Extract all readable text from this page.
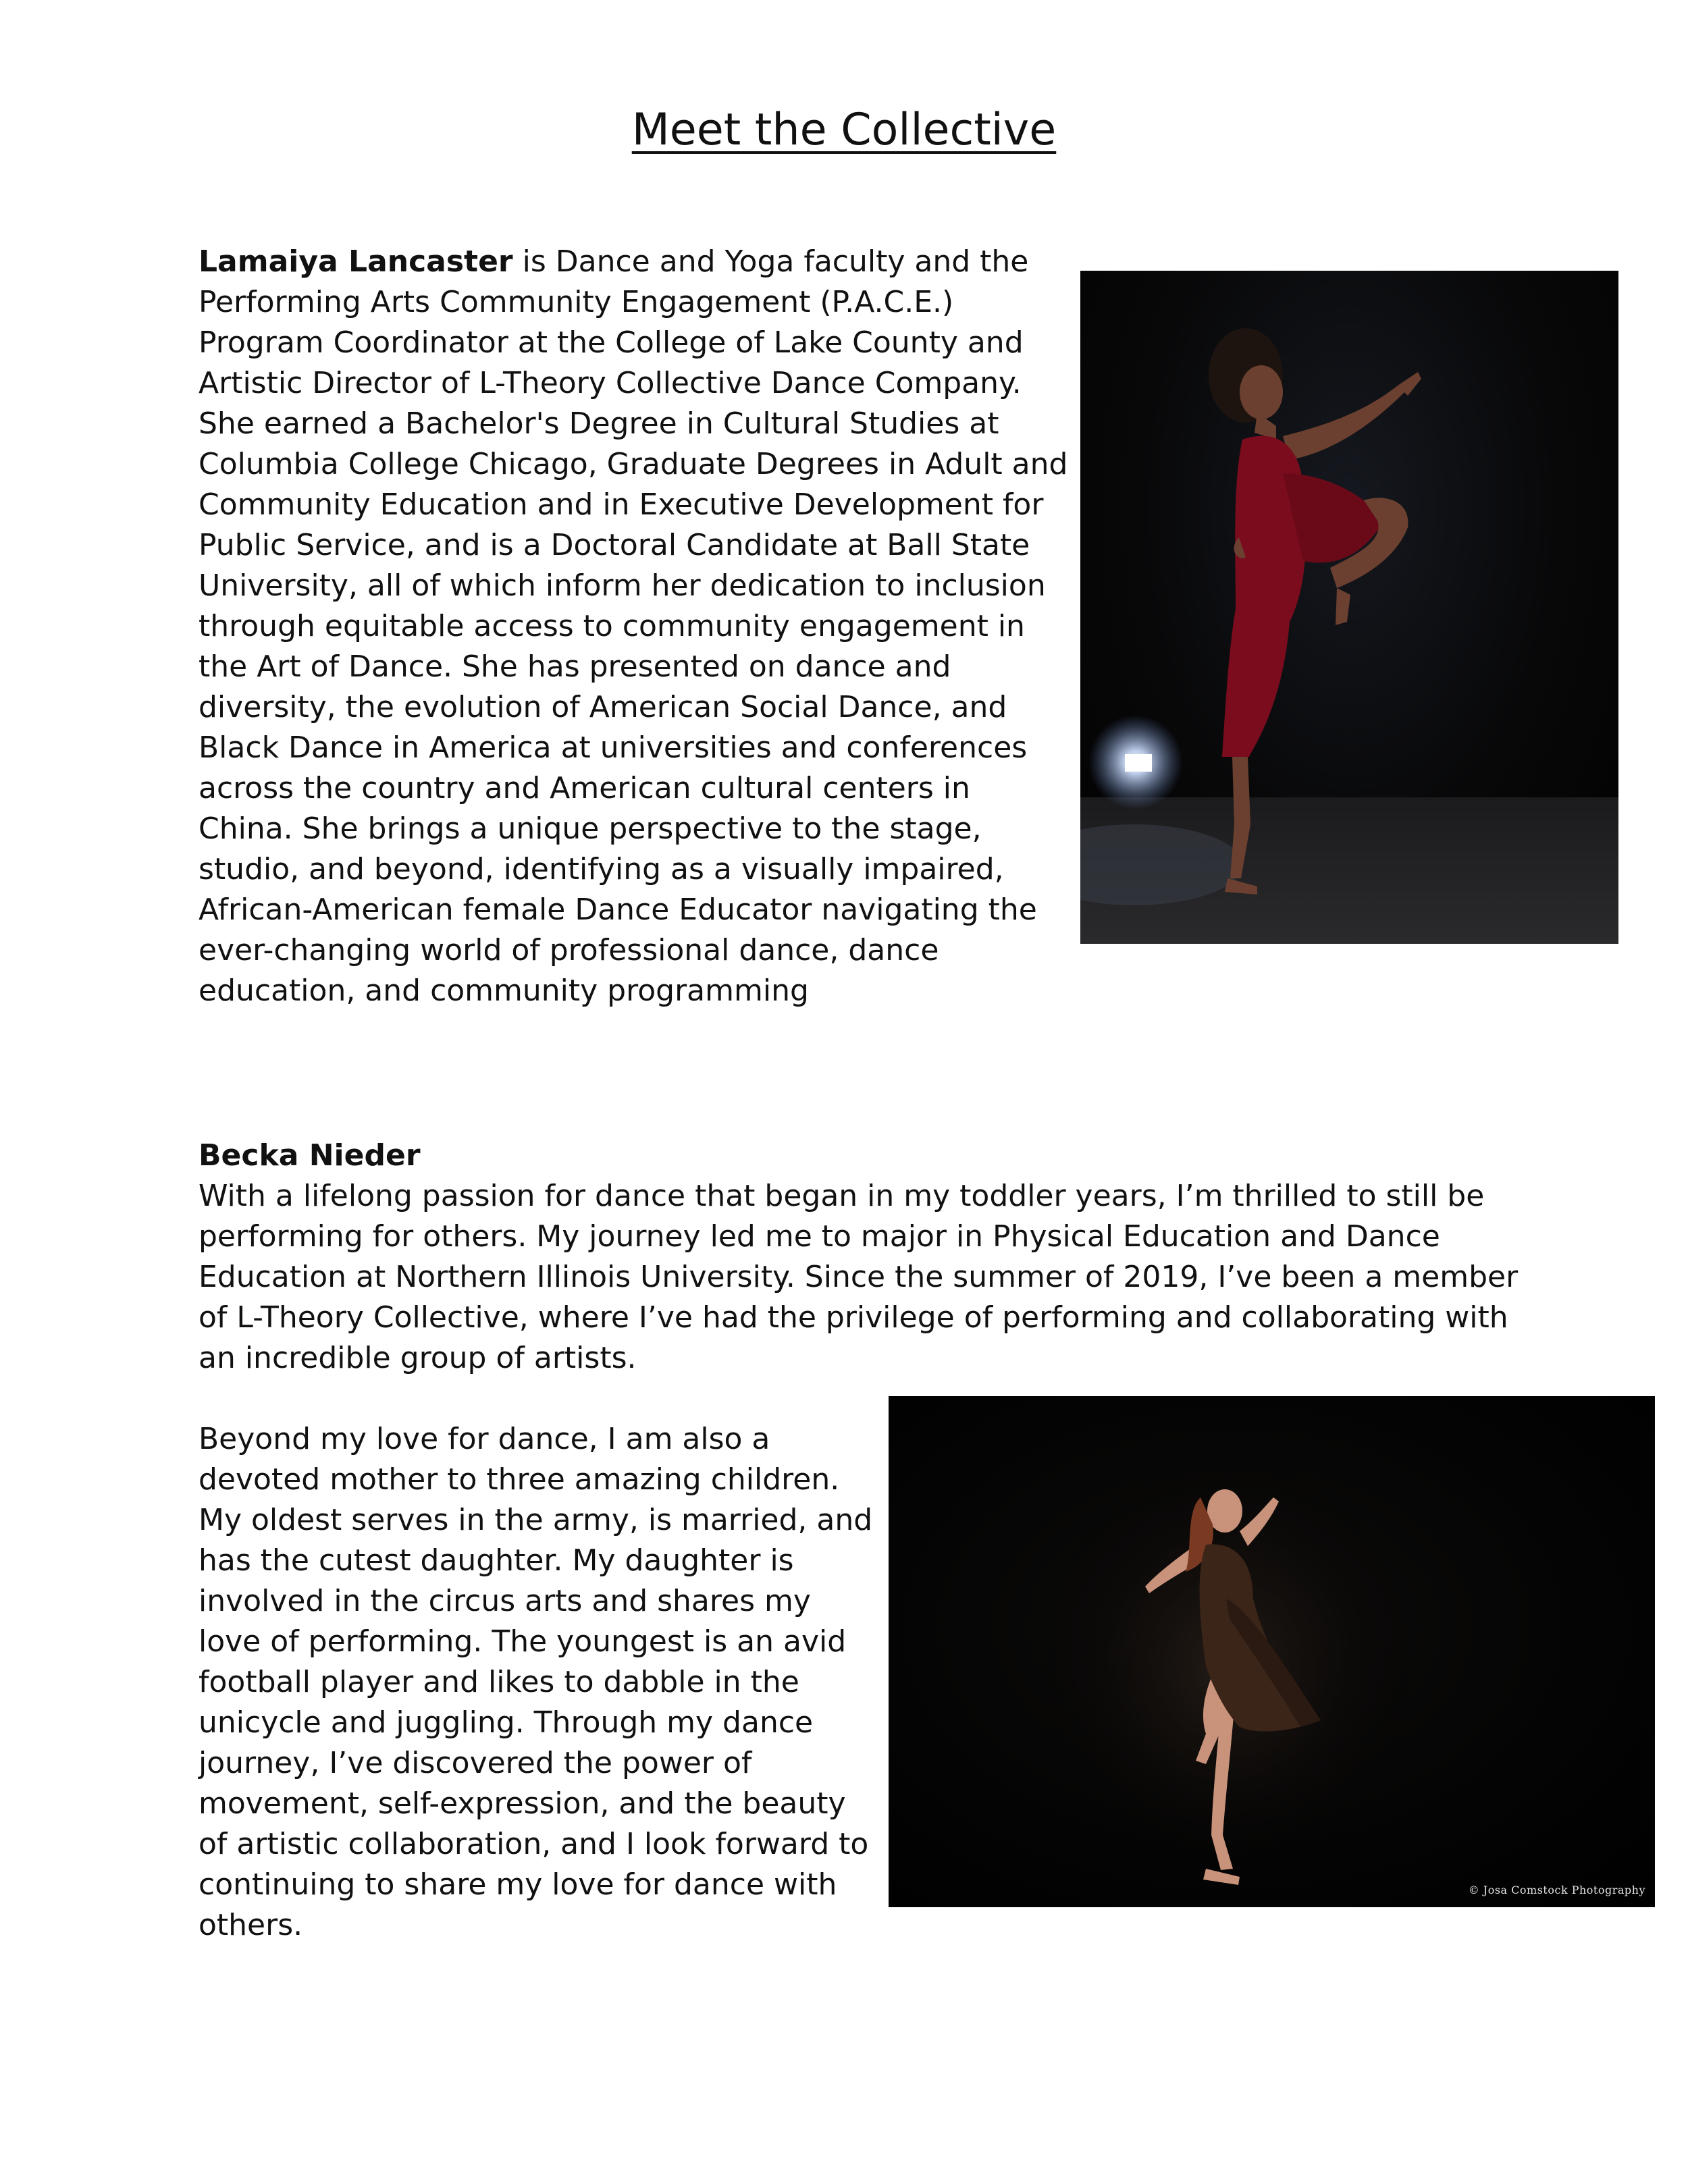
Meet the Collective

Lamaiya Lancaster is Dance and Yoga faculty and the Performing Arts Community Engagement (P.A.C.E.) Program Coordinator at the College of Lake County and Artistic Director of L-Theory Collective Dance Company. She earned a Bachelor's Degree in Cultural Studies at Columbia College Chicago, Graduate Degrees in Adult and Community Education and in Executive Development for Public Service, and is a Doctoral Candidate at Ball State University, all of which inform her dedication to inclusion through equitable access to community engagement in the Art of Dance. She has presented on dance and diversity, the evolution of American Social Dance, and Black Dance in America at universities and conferences across the country and American cultural centers in China. She brings a unique perspective to the stage, studio, and beyond, identifying as a visually impaired, African-American female Dance Educator navigating the ever-changing world of professional dance, dance education, and community programming

Becka Nieder
With a lifelong passion for dance that began in my toddler years, I’m thrilled to still be performing for others. My journey led me to major in Physical Education and Dance Education at Northern Illinois University. Since the summer of 2019, I’ve been a member of L-Theory Collective, where I’ve had the privilege of performing and collaborating with an incredible group of artists.

Beyond my love for dance, I am also a devoted mother to three amazing children. My oldest serves in the army, is married, and has the cutest daughter. My daughter is involved in the circus arts and shares my love of performing. The youngest is an avid football player and likes to dabble in the unicycle and juggling. Through my dance journey, I’ve discovered the power of movement, self-expression, and the beauty of artistic collaboration, and I look forward to continuing to share my love for dance with others.

© Josa Comstock Photography
